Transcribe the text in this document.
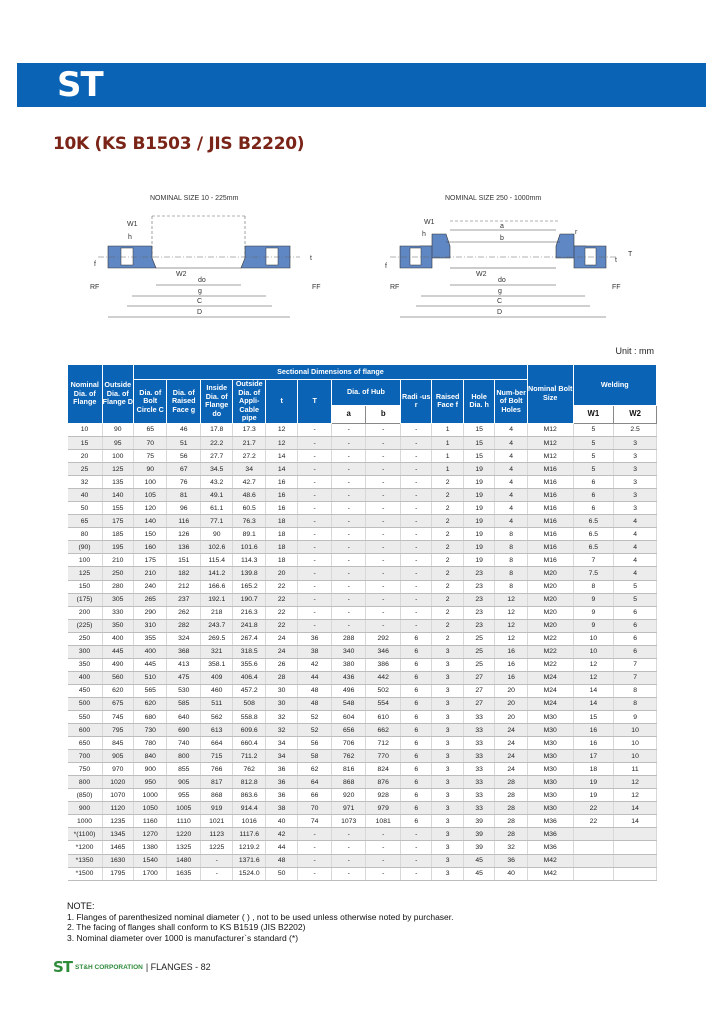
ST
10K (KS B1503 / JIS B2220)
NOMINAL SIZE 10 - 225mm	NOMINAL SIZE 250 - 1000mm
W1
h
f
t
W2
do
g
C
D
RF	FF
W1
h
a
b
r
f
t
T
W2
do
g
C
D
RF	FF
Unit : mm
Nominal Dia. of Flange	Outside Dia. of Flange D	Sectional Dimensions of flange												Nominal Bolt Size	Welding	
		Dia. of Bolt Circle C	Dia. of Raised Face g	Inside Dia. of Flange do	Outside Dia. of Appli-Cable pipe	t	T	Dia. of Hub		Radi -us r	Raised Face f	Hole Dia. h	Num-ber of Bolt Holes			
								a	b						W1	W2
10	90	65	46	17.8	17.3	12	-	-	-	-	1	15	4	M12	5	2.5
15	95	70	51	22.2	21.7	12	-	-	-	-	1	15	4	M12	5	3
20	100	75	56	27.7	27.2	14	-	-	-	-	1	15	4	M12	5	3
25	125	90	67	34.5	34	14	-	-	-	-	1	19	4	M16	5	3
32	135	100	76	43.2	42.7	16	-	-	-	-	2	19	4	M16	6	3
40	140	105	81	49.1	48.6	16	-	-	-	-	2	19	4	M16	6	3
50	155	120	96	61.1	60.5	16	-	-	-	-	2	19	4	M16	6	3
65	175	140	116	77.1	76.3	18	-	-	-	-	2	19	4	M16	6.5	4
80	185	150	126	90	89.1	18	-	-	-	-	2	19	8	M16	6.5	4
(90)	195	160	136	102.6	101.6	18	-	-	-	-	2	19	8	M16	6.5	4
100	210	175	151	115.4	114.3	18	-	-	-	-	2	19	8	M16	7	4
125	250	210	182	141.2	139.8	20	-	-	-	-	2	23	8	M20	7.5	4
150	280	240	212	166.6	165.2	22	-	-	-	-	2	23	8	M20	8	5
(175)	305	265	237	192.1	190.7	22	-	-	-	-	2	23	12	M20	9	5
200	330	290	262	218	216.3	22	-	-	-	-	2	23	12	M20	9	6
(225)	350	310	282	243.7	241.8	22	-	-	-	-	2	23	12	M20	9	6
250	400	355	324	269.5	267.4	24	36	288	292	6	2	25	12	M22	10	6
300	445	400	368	321	318.5	24	38	340	346	6	3	25	16	M22	10	6
350	490	445	413	358.1	355.6	26	42	380	386	6	3	25	16	M22	12	7
400	560	510	475	409	406.4	28	44	436	442	6	3	27	16	M24	12	7
450	620	565	530	460	457.2	30	48	496	502	6	3	27	20	M24	14	8
500	675	620	585	511	508	30	48	548	554	6	3	27	20	M24	14	8
550	745	680	640	562	558.8	32	52	604	610	6	3	33	20	M30	15	9
600	795	730	690	613	609.6	32	52	656	662	6	3	33	24	M30	16	10
650	845	780	740	664	660.4	34	56	706	712	6	3	33	24	M30	16	10
700	905	840	800	715	711.2	34	58	762	770	6	3	33	24	M30	17	10
750	970	900	855	766	762	36	62	816	824	6	3	33	24	M30	18	11
800	1020	950	905	817	812.8	36	64	868	876	6	3	33	28	M30	19	12
(850)	1070	1000	955	868	863.6	36	66	920	928	6	3	33	28	M30	19	12
900	1120	1050	1005	919	914.4	38	70	971	979	6	3	33	28	M30	22	14
1000	1235	1160	1110	1021	1016	40	74	1073	1081	6	3	39	28	M36	22	14
*(1100)	1345	1270	1220	1123	1117.6	42	-	-	-	-	3	39	28	M36		
*1200	1465	1380	1325	1225	1219.2	44	-	-	-	-	3	39	32	M36		
*1350	1630	1540	1480	-	1371.6	48	-	-	-	-	3	45	36	M42		
*1500	1795	1700	1635	-	1524.0	50	-	-	-	-	3	45	40	M42		
NOTE:
1. Flanges of parenthesized nominal diameter ( ) , not to be used unless otherwise noted by purchaser.
2. The facing of flanges shall conform to KS B1519 (JIS B2202)
3. Nominal diameter over 1000 is manufacturer`s standard (*)
ST ST&H CORPORATION | FLANGES - 82
